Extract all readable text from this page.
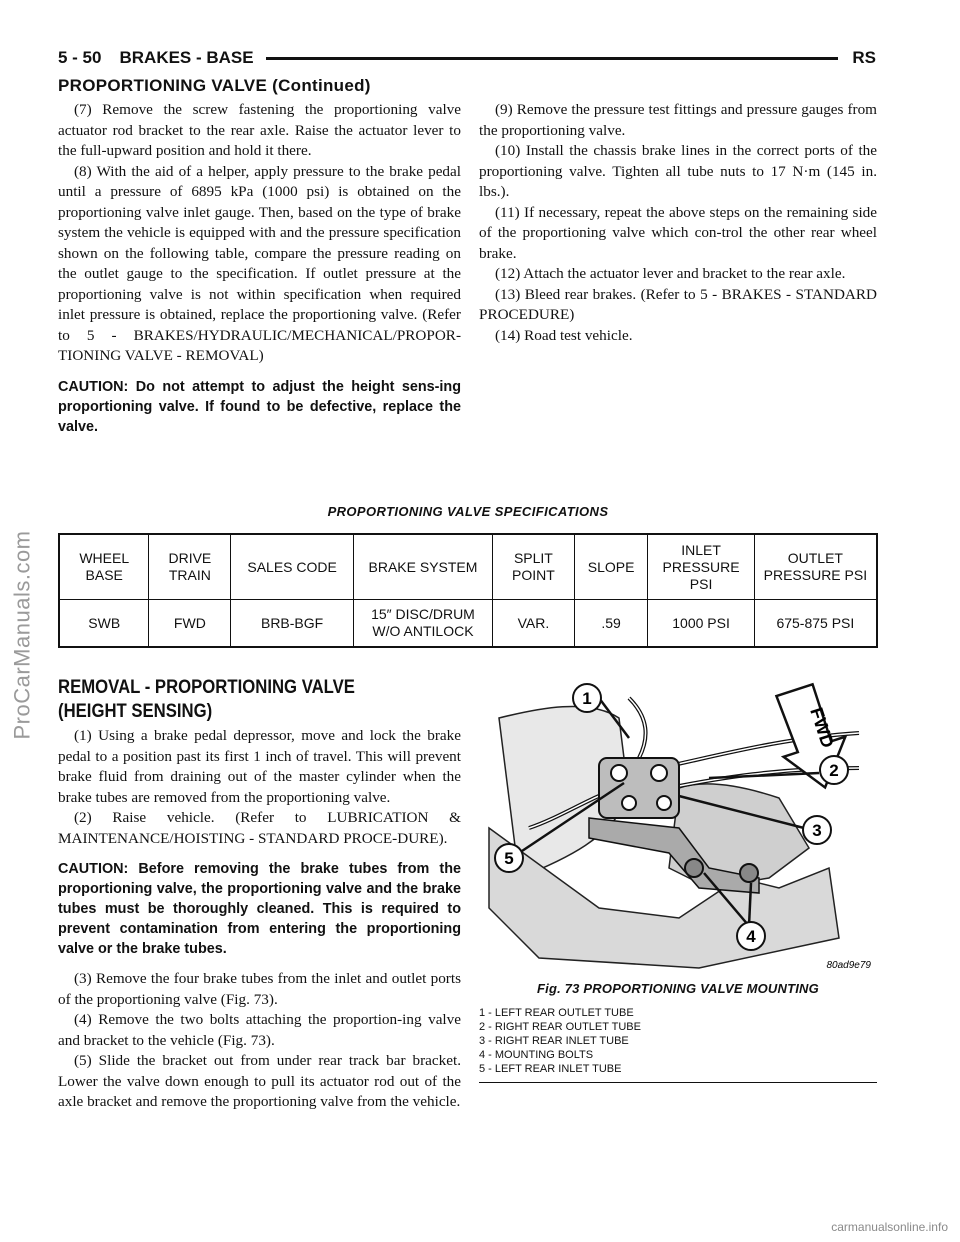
ProCarManuals.com
5 - 50 BRAKES - BASE	RS
PROPORTIONING VALVE (Continued)

(7) Remove the screw fastening the proportioning valve actuator rod bracket to the rear axle. Raise the actuator lever to the full-upward position and hold it there.

(8) With the aid of a helper, apply pressure to the brake pedal until a pressure of 6895 kPa (1000 psi) is obtained on the proportioning valve inlet gauge. Then, based on the type of brake system the vehicle is equipped with and the pressure specification shown on the following table, compare the pressure reading on the outlet gauge to the specification. If outlet pressure at the proportioning valve is not within specification when required inlet pressure is obtained, replace the proportioning valve. (Refer to 5 - BRAKES/HYDRAULIC/MECHANICAL/PROPOR-TIONING VALVE - REMOVAL)

CAUTION: Do not attempt to adjust the height sens-ing proportioning valve. If found to be defective, replace the valve.

(9) Remove the pressure test fittings and pressure gauges from the proportioning valve.

(10) Install the chassis brake lines in the correct ports of the proportioning valve. Tighten all tube nuts to 17 N·m (145 in. lbs.).

(11) If necessary, repeat the above steps on the remaining side of the proportioning valve which con-trol the other rear wheel brake.

(12) Attach the actuator lever and bracket to the rear axle.

(13) Bleed rear brakes. (Refer to 5 - BRAKES - STANDARD PROCEDURE)

(14) Road test vehicle.

PROPORTIONING VALVE SPECIFICATIONS
WHEEL BASE	DRIVE TRAIN	SALES CODE	BRAKE SYSTEM	SPLIT POINT	SLOPE	INLET PRESSURE PSI	OUTLET PRESSURE PSI
SWB	FWD	BRB-BGF	15″ DISC/DRUM W/O ANTILOCK	VAR.	.59	1000 PSI	675-875 PSI
REMOVAL - PROPORTIONING VALVE (HEIGHT SENSING)

(1) Using a brake pedal depressor, move and lock the brake pedal to a position past its first 1 inch of travel. This will prevent brake fluid from draining out of the master cylinder when the brake tubes are removed from the proportioning valve.

(2) Raise vehicle. (Refer to LUBRICATION & MAINTENANCE/HOISTING - STANDARD PROCE-DURE).

CAUTION: Before removing the brake tubes from the proportioning valve, the proportioning valve and the brake tubes must be thoroughly cleaned. This is required to prevent contamination from entering the proportioning valve or the brake tubes.

(3) Remove the four brake tubes from the inlet and outlet ports of the proportioning valve (Fig. 73).

(4) Remove the two bolts attaching the proportion-ing valve and bracket to the vehicle (Fig. 73).

(5) Slide the bracket out from under rear track bar bracket. Lower the valve down enough to pull its actuator rod out of the axle bracket and remove the proportioning valve from the vehicle.

FWD
1
2
3
4
5
80ad9e79
Fig. 73 PROPORTIONING VALVE MOUNTING
1 - LEFT REAR OUTLET TUBE
2 - RIGHT REAR OUTLET TUBE
3 - RIGHT REAR INLET TUBE
4 - MOUNTING BOLTS
5 - LEFT REAR INLET TUBE
carmanualsonline.info
